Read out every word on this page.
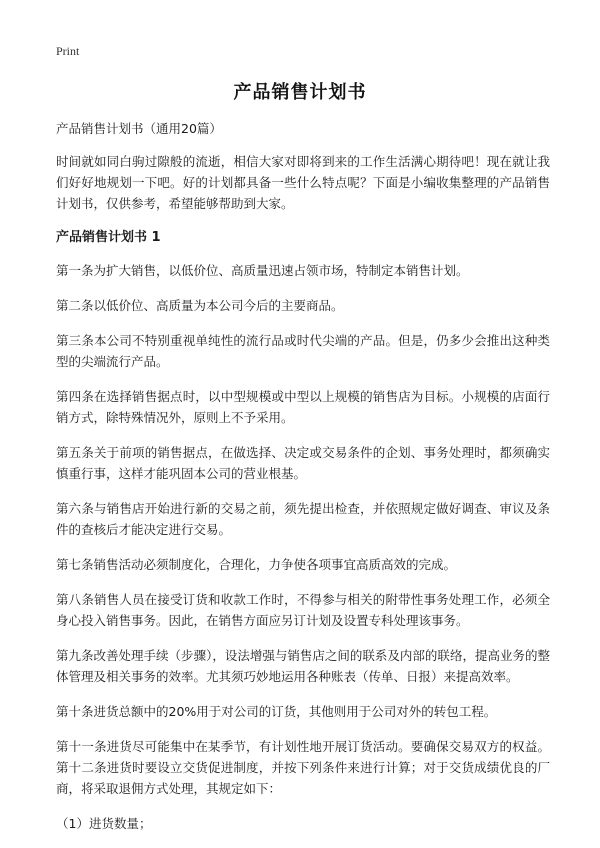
Print
产品销售计划书

产品销售计划书（通用20篇）

时间就如同白驹过隙般的流逝，相信大家对即将到来的工作生活满心期待吧！现在就让我们好好地规划一下吧。好的计划都具备一些什么特点呢？下面是小编收集整理的产品销售计划书，仅供参考，希望能够帮助到大家。

产品销售计划书 1

第一条为扩大销售，以低价位、高质量迅速占领市场，特制定本销售计划。

第二条以低价位、高质量为本公司今后的主要商品。

第三条本公司不特别重视单纯性的流行品或时代尖端的产品。但是，仍多少会推出这种类型的尖端流行产品。

第四条在选择销售据点时，以中型规模或中型以上规模的销售店为目标。小规模的店面行销方式，除特殊情况外，原则上不予采用。

第五条关于前项的销售据点，在做选择、决定或交易条件的企划、事务处理时，都须确实慎重行事，这样才能巩固本公司的营业根基。

第六条与销售店开始进行新的交易之前，须先提出检查，并依照规定做好调查、审议及条件的查核后才能决定进行交易。

第七条销售活动必须制度化，合理化，力争使各项事宜高质高效的完成。

第八条销售人员在接受订货和收款工作时，不得参与相关的附带性事务处理工作，必须全身心投入销售事务。因此，在销售方面应另订计划及设置专科处理该事务。

第九条改善处理手续（步骤），设法增强与销售店之间的联系及内部的联络，提高业务的整体管理及相关事务的效率。尤其须巧妙地运用各种账表（传单、日报）来提高效率。

第十条进货总额中的20%用于对公司的订货，其他则用于公司对外的转包工程。

第十一条进货尽可能集中在某季节，有计划性地开展订货活动。要确保交易双方的权益。第十二条进货时要设立交货促进制度，并按下列条件来进行计算；对于交货成绩优良的厂商，将采取退佣方式处理，其规定如下：

（1）进货数量；
